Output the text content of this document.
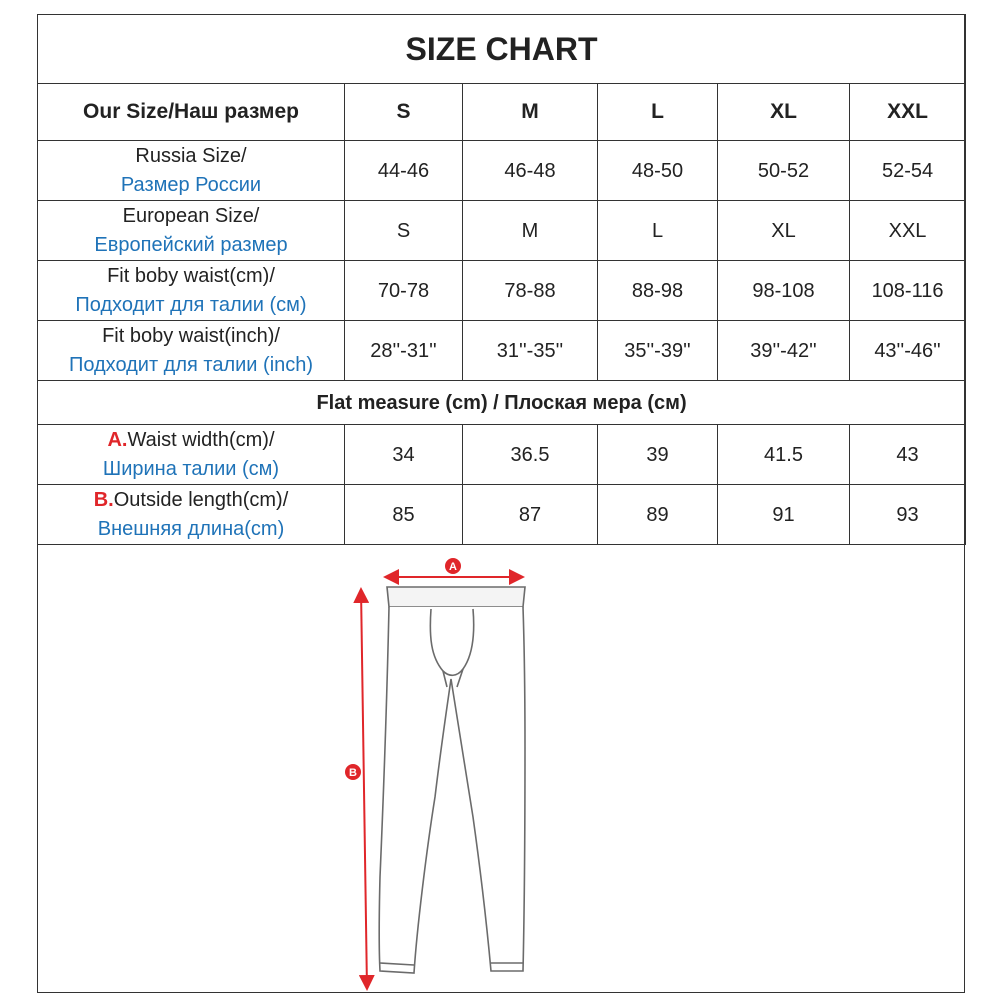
SIZE CHART					
Our Size/Наш размер	S	M	L	XL	XXL

Russia Size/
Размер России	44-46	46-48	48-50	50-52	52-54

European Size/
Европейский размер	S	M	L	XL	XXL

Fit boby waist(cm)/
Подходит для талии (см)	70-78	78-88	88-98	98-108	108-116

Fit boby waist(inch)/
Подходит для талии (inch)	28''-31''	31''-35''	35''-39''	39''-42''	43''-46''
Flat measure (cm) / Плоская мера (см)					

A.Waist width(cm)/
Ширина талии (см)	34	36.5	39	41.5	43

B.Outside length(cm)/
Внешняя длина(cm)	85	87	89	91	93
A
B
